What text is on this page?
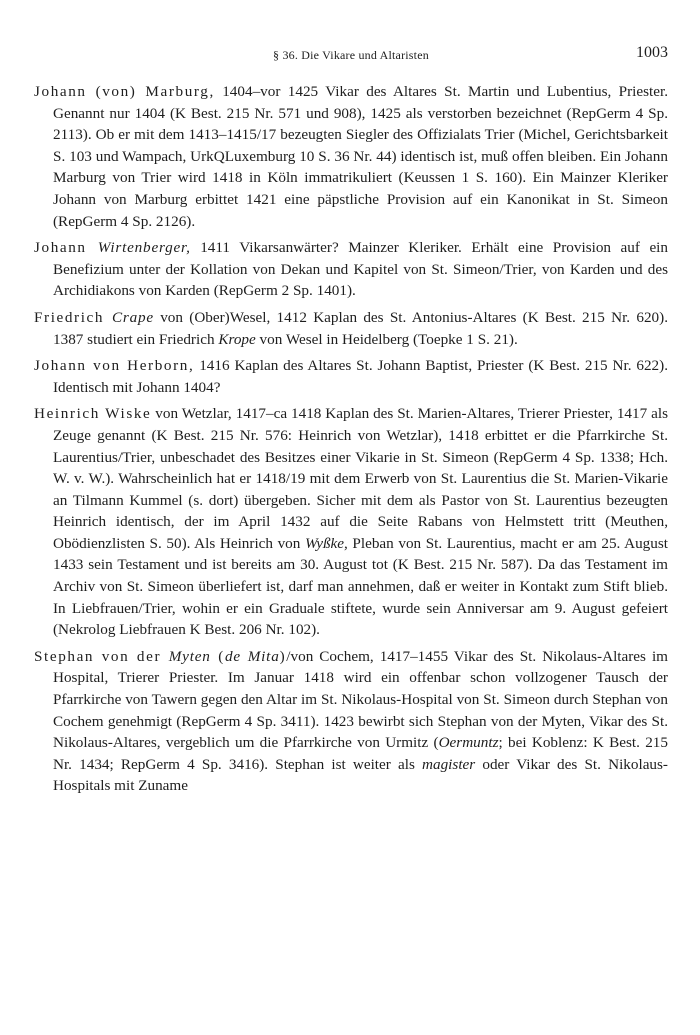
§ 36. Die Vikare und Altaristen	1003

Johann (von) Marburg, 1404–vor 1425 Vikar des Altares St. Martin und Lubentius, Priester. Genannt nur 1404 (K Best. 215 Nr. 571 und 908), 1425 als verstorben bezeichnet (RepGerm 4 Sp. 2113). Ob er mit dem 1413–1415/17 bezeugten Siegler des Offizialats Trier (Michel, Gerichtsbarkeit S. 103 und Wampach, UrkQLuxemburg 10 S. 36 Nr. 44) identisch ist, muß offen bleiben. Ein Johann Marburg von Trier wird 1418 in Köln immatrikuliert (Keussen 1 S. 160). Ein Mainzer Kleriker Johann von Marburg erbittet 1421 eine päpstliche Provision auf ein Kanonikat in St. Simeon (RepGerm 4 Sp. 2126).

Johann Wirtenberger, 1411 Vikarsanwärter? Mainzer Kleriker. Erhält eine Provision auf ein Benefizium unter der Kollation von Dekan und Kapitel von St. Simeon/Trier, von Karden und des Archidiakons von Karden (RepGerm 2 Sp. 1401).

Friedrich Crape von (Ober)Wesel, 1412 Kaplan des St. Antonius-Altares (K Best. 215 Nr. 620). 1387 studiert ein Friedrich Krope von Wesel in Heidelberg (Toepke 1 S. 21).

Johann von Herborn, 1416 Kaplan des Altares St. Johann Baptist, Priester (K Best. 215 Nr. 622). Identisch mit Johann 1404?

Heinrich Wiske von Wetzlar, 1417–ca 1418 Kaplan des St. Marien-Altares, Trierer Priester, 1417 als Zeuge genannt (K Best. 215 Nr. 576: Heinrich von Wetzlar), 1418 erbittet er die Pfarrkirche St. Laurentius/Trier, unbeschadet des Besitzes einer Vikarie in St. Simeon (RepGerm 4 Sp. 1338; Hch. W. v. W.). Wahrscheinlich hat er 1418/19 mit dem Erwerb von St. Laurentius die St. Marien-Vikarie an Tilmann Kummel (s. dort) übergeben. Sicher mit dem als Pastor von St. Laurentius bezeugten Heinrich identisch, der im April 1432 auf die Seite Rabans von Helmstett tritt (Meuthen, Obödienzlisten S. 50). Als Heinrich von Wyßke, Pleban von St. Laurentius, macht er am 25. August 1433 sein Testament und ist bereits am 30. August tot (K Best. 215 Nr. 587). Da das Testament im Archiv von St. Simeon überliefert ist, darf man annehmen, daß er weiter in Kontakt zum Stift blieb. In Liebfrauen/Trier, wohin er ein Graduale stiftete, wurde sein Anniversar am 9. August gefeiert (Nekrolog Liebfrauen K Best. 206 Nr. 102).

Stephan von der Myten (de Mita)/von Cochem, 1417–1455 Vikar des St. Nikolaus-Altares im Hospital, Trierer Priester. Im Januar 1418 wird ein offenbar schon vollzogener Tausch der Pfarrkirche von Tawern gegen den Altar im St. Nikolaus-Hospital von St. Simeon durch Stephan von Cochem genehmigt (RepGerm 4 Sp. 3411). 1423 bewirbt sich Stephan von der Myten, Vikar des St. Nikolaus-Altares, vergeblich um die Pfarrkirche von Urmitz (Oermuntz; bei Koblenz: K Best. 215 Nr. 1434; RepGerm 4 Sp. 3416). Stephan ist weiter als magister oder Vikar des St. Nikolaus-Hospitals mit Zuname
